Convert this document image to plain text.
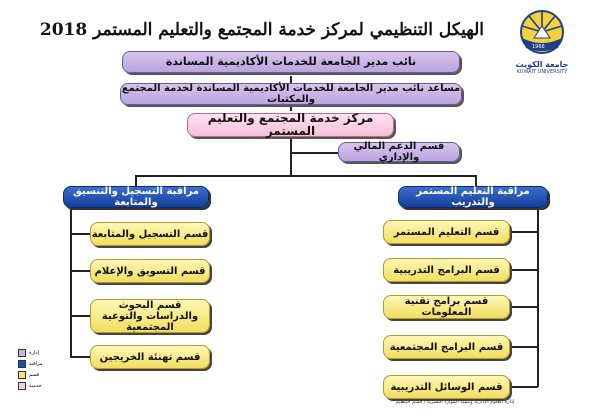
الهيكل التنظيمي لمركز خدمة المجتمع والتعليم المستمر 2018
1966
جامعة الكويت
KUWAIT UNIVERSITY
نائب مدير الجامعة للخدمات الأكاديمية المساندة
مساعد نائب مدير الجامعة للخدمات الأكاديمية المساندة لخدمة المجتمع والمكتبات
مركز خدمة المجتمع والتعليم المستمر
قسم الدعم المالي والإداري
مراقبة التسجيل والتنسيق والمتابعة
مراقبة التعليم المستمر والتدريب
قسم التسجيل والمتابعة
قسم التسويق والإعلام
قسم البحوث والدراسات والتوعية المجتمعية
قسم تهنئة الخريجين
قسم التعليم المستمر
قسم البرامج التدريبية
قسم برامج تقنية المعلومات
قسم البرامج المجتمعية
قسم الوسائل التدريبية
إدارة
مراقبة
قسم
خدمية
إدارة العلوم الإدارية وتنمية الموارد البشرية / قسم التنظيم
